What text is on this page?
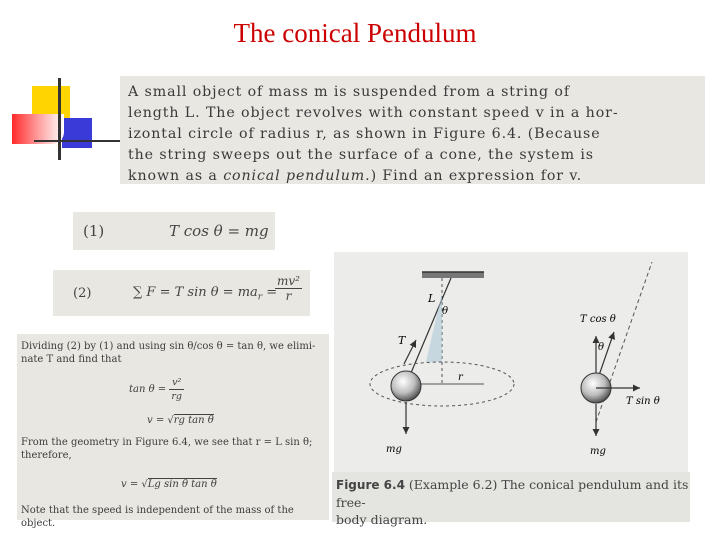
The conical Pendulum
A small object of mass m is suspended from a string of
length L. The object revolves with constant speed v in a hor-
izontal circle of radius r, as shown in Figure 6.4. (Because
the string sweeps out the surface of a cone, the system is
known as a conical pendulum.) Find an expression for v.
(1)	T cos θ = mg
(2)	∑ F = T $\sin \theta = ma_r$ =
$\frac{\text{mv²}}{r}$
Dividing (2) by (1) and using sin θ/cos θ = tan θ, we elimi-
nate T and find that
$\tan \theta = \frac{\text{v²}}{rg}$
v = √rg tan θ
From the geometry in Figure 6.4, we see that r = L sin θ;
therefore,
v = √Lg sin θ tan θ
Note that the speed is independent of the mass of the object.
L
θ
T
r
mg
T cos θ
θ
T sin θ
mg
Figure 6.4 (Example 6.2) The conical pendulum and its free-
body diagram.
